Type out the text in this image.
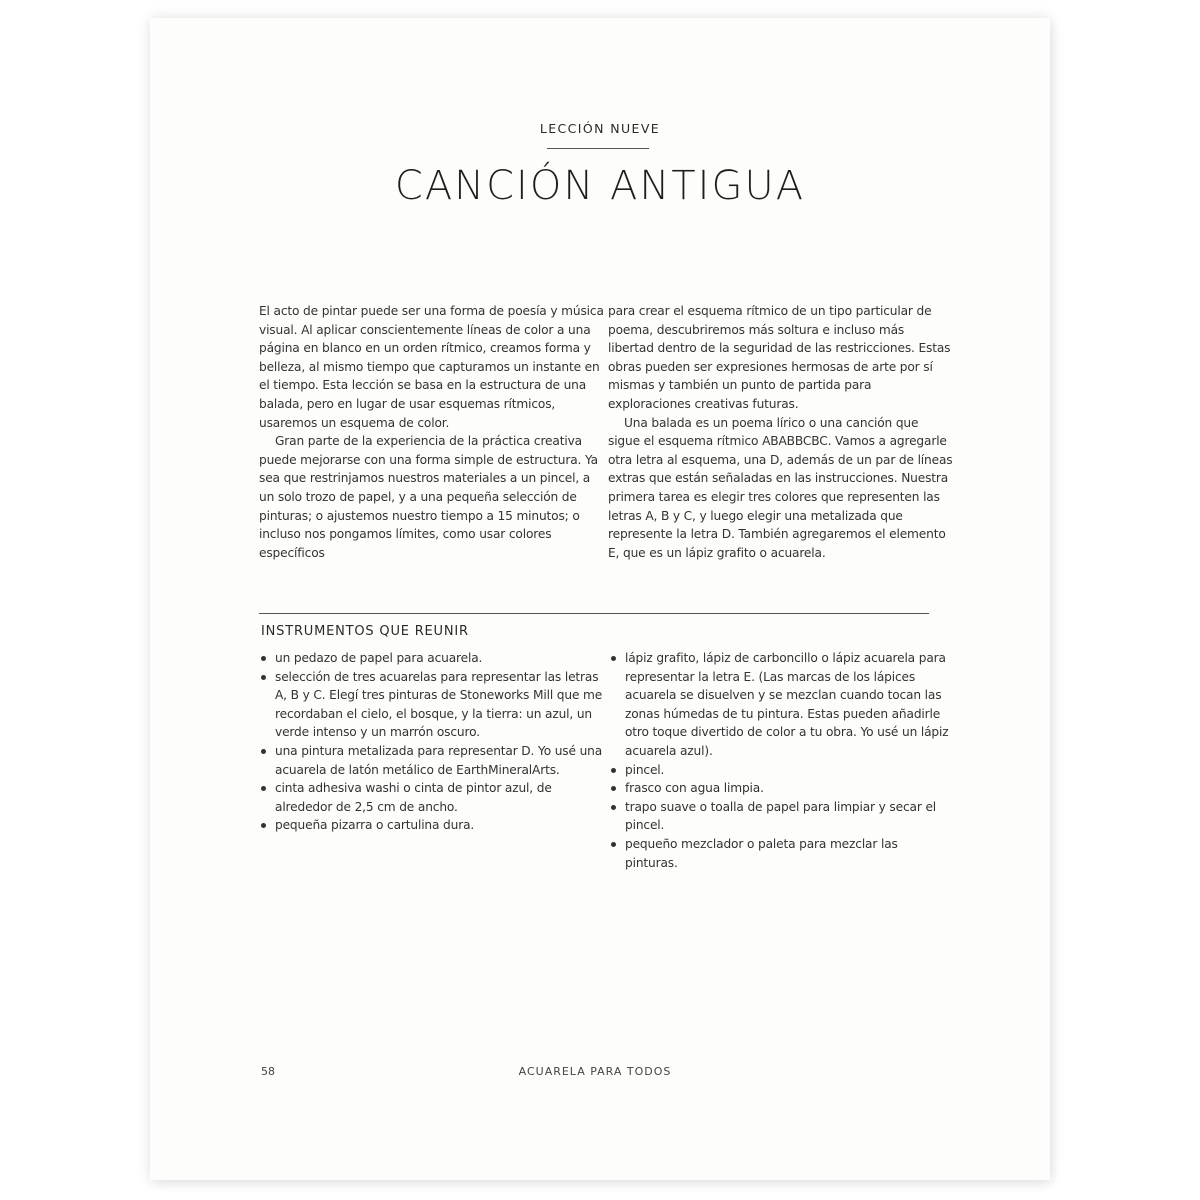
LECCIÓN NUEVE
CANCIÓN ANTIGUA

El acto de pintar puede ser una forma de poesía y música visual. Al aplicar conscientemente líneas de color a una página en blanco en un orden rítmico, creamos forma y belleza, al mismo tiempo que capturamos un instante en el tiempo. Esta lección se basa en la estructura de una balada, pero en lugar de usar esquemas rítmicos, usaremos un esquema de color.

Gran parte de la experiencia de la práctica creativa puede mejorarse con una forma simple de estructura. Ya sea que restrinjamos nuestros materiales a un pincel, a un solo trozo de papel, y a una pequeña selección de pinturas; o ajustemos nuestro tiempo a 15 minutos; o incluso nos pongamos límites, como usar colores específicos

para crear el esquema rítmico de un tipo particular de poema, descubriremos más soltura e incluso más libertad dentro de la seguridad de las restricciones. Estas obras pueden ser expresiones hermosas de arte por sí mismas y también un punto de partida para exploraciones creativas futuras.

Una balada es un poema lírico o una canción que sigue el esquema rítmico ABABBCBC. Vamos a agregarle otra letra al esquema, una D, además de un par de líneas extras que están señaladas en las instrucciones. Nuestra primera tarea es elegir tres colores que representen las letras A, B y C, y luego elegir una metalizada que represente la letra D. También agregaremos el elemento E, que es un lápiz grafito o acuarela.

INSTRUMENTOS QUE REUNIR
un pedazo de papel para acuarela.
selección de tres acuarelas para representar las letras A, B y C. Elegí tres pinturas de Stoneworks Mill que me recordaban el cielo, el bosque, y la tierra: un azul, un verde intenso y un marrón oscuro.
una pintura metalizada para representar D. Yo usé una acuarela de latón metálico de EarthMineralArts.
cinta adhesiva washi o cinta de pintor azul, de alrededor de 2,5 cm de ancho.
pequeña pizarra o cartulina dura.
lápiz grafito, lápiz de carboncillo o lápiz acuarela para representar la letra E. (Las marcas de los lápices acuarela se disuelven y se mezclan cuando tocan las zonas húmedas de tu pintura. Estas pueden añadirle otro toque divertido de color a tu obra. Yo usé un lápiz acuarela azul).
pincel.
frasco con agua limpia.
trapo suave o toalla de papel para limpiar y secar el pincel.
pequeño mezclador o paleta para mezclar las pinturas.
58	ACUARELA PARA TODOS
